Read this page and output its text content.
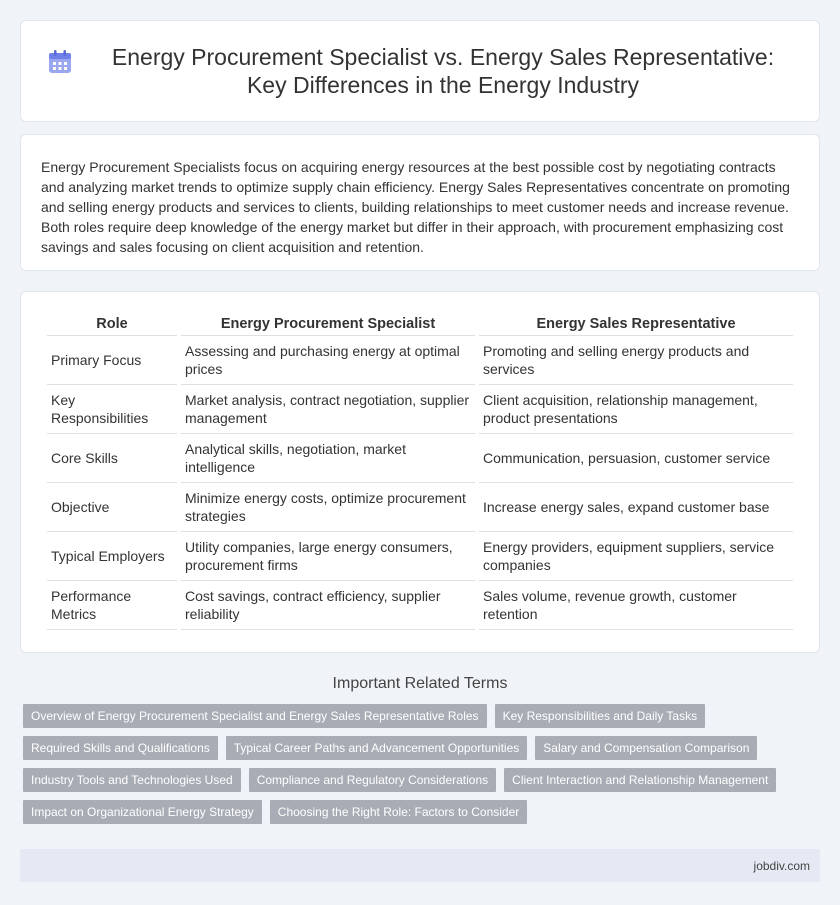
Energy Procurement Specialist vs. Energy Sales Representative: Key Differences in the Energy Industry

Energy Procurement Specialists focus on acquiring energy resources at the best possible cost by negotiating contracts and analyzing market trends to optimize supply chain efficiency. Energy Sales Representatives concentrate on promoting and selling energy products and services to clients, building relationships to meet customer needs and increase revenue. Both roles require deep knowledge of the energy market but differ in their approach, with procurement emphasizing cost savings and sales focusing on client acquisition and retention.

Role	Energy Procurement Specialist	Energy Sales Representative
Primary Focus	Assessing and purchasing energy at optimal prices	Promoting and selling energy products and services
Key Responsibilities	Market analysis, contract negotiation, supplier management	Client acquisition, relationship management, product presentations
Core Skills	Analytical skills, negotiation, market intelligence	Communication, persuasion, customer service
Objective	Minimize energy costs, optimize procurement strategies	Increase energy sales, expand customer base
Typical Employers	Utility companies, large energy consumers, procurement firms	Energy providers, equipment suppliers, service companies
Performance Metrics	Cost savings, contract efficiency, supplier reliability	Sales volume, revenue growth, customer retention
Important Related Terms
Overview of Energy Procurement Specialist and Energy Sales Representative Roles	Key Responsibilities and Daily Tasks
Required Skills and Qualifications	Typical Career Paths and Advancement Opportunities	Salary and Compensation Comparison
Industry Tools and Technologies Used	Compliance and Regulatory Considerations	Client Interaction and Relationship Management
Impact on Organizational Energy Strategy	Choosing the Right Role: Factors to Consider
jobdiv.com
